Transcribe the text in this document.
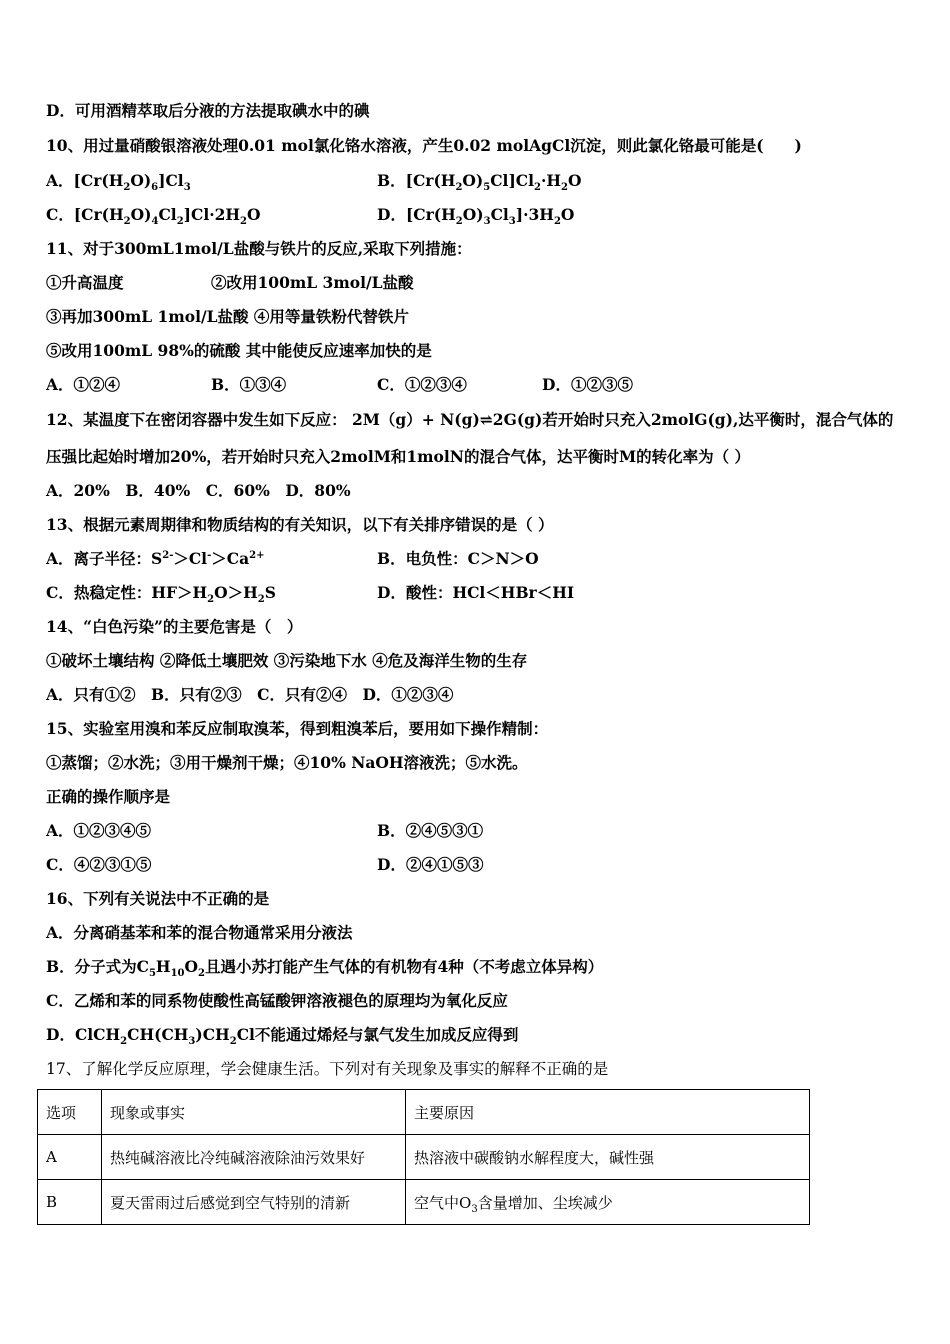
D．可用酒精萃取后分液的方法提取碘水中的碘
10、用过量硝酸银溶液处理0.01 mol氯化铬水溶液，产生0.02 molAgCl沉淀，则此氯化铬最可能是(　　)
A．$[Cr(H_2O)_6]Cl_3$	B．$[Cr(H_2O)_5Cl]Cl_2\cdot H_2O$
C．$[Cr(H_2O)_4Cl_2]Cl\cdot 2H_2O$	D．$[Cr(H_2O)_3Cl_3]\cdot 3H_2O$
11、对于300mL1mol/L盐酸与铁片的反应,采取下列措施：
①升高温度	②改用100mL 3mol/L盐酸
③再加300mL 1mol/L盐酸 ④用等量铁粉代替铁片
⑤改用100mL 98%的硫酸 其中能使反应速率加快的是
A．①②④	B．①③④	C．①②③④	D．①②③⑤
12、某温度下在密闭容器中发生如下反应： 2M（g）+ N(g)⇌2G(g)若开始时只充入2molG(g),达平衡时，混合气体的
压强比起始时增加20%，若开始时只充入2molM和1molN的混合气体，达平衡时M的转化率为（ ）
A．20%　B．40%　C．60%　D．80%
13、根据元素周期律和物质结构的有关知识，以下有关排序错误的是（ ）
A．离子半径：$S^{2-}>Cl^->Ca^{2+}$	B．电负性：C＞N＞O
C．热稳定性：$HF>H_2O>H_2S$	D．酸性：HCl＜HBr＜HI
14、“白色污染”的主要危害是（　）
①破坏土壤结构 ②降低土壤肥效 ③污染地下水 ④危及海洋生物的生存
A．只有①②　B．只有②③　C．只有②④　D．①②③④
15、实验室用溴和苯反应制取溴苯，得到粗溴苯后，要用如下操作精制：
①蒸馏；②水洗；③用干燥剂干燥；④10% NaOH溶液洗；⑤水洗。
正确的操作顺序是
A．①②③④⑤	B．②④⑤③①
C．④②③①⑤	D．②④①⑤③
16、下列有关说法中不正确的是
A．分离硝基苯和苯的混合物通常采用分液法
B．分子式为$C_5H_{10}O_2$且遇小苏打能产生气体的有机物有4种（不考虑立体异构）
C．乙烯和苯的同系物使酸性高锰酸钾溶液褪色的原理均为氧化反应
D．$ClCH_2CH(CH_3)CH_2Cl$不能通过烯烃与氯气发生加成反应得到
17、了解化学反应原理，学会健康生活。下列对有关现象及事实的解释不正确的是
选项	现象或事实	主要原因
A	热纯碱溶液比冷纯碱溶液除油污效果好	热溶液中碳酸钠水解程度大，碱性强
B	夏天雷雨过后感觉到空气特别的清新	空气中$O_3$含量增加、尘埃减少
